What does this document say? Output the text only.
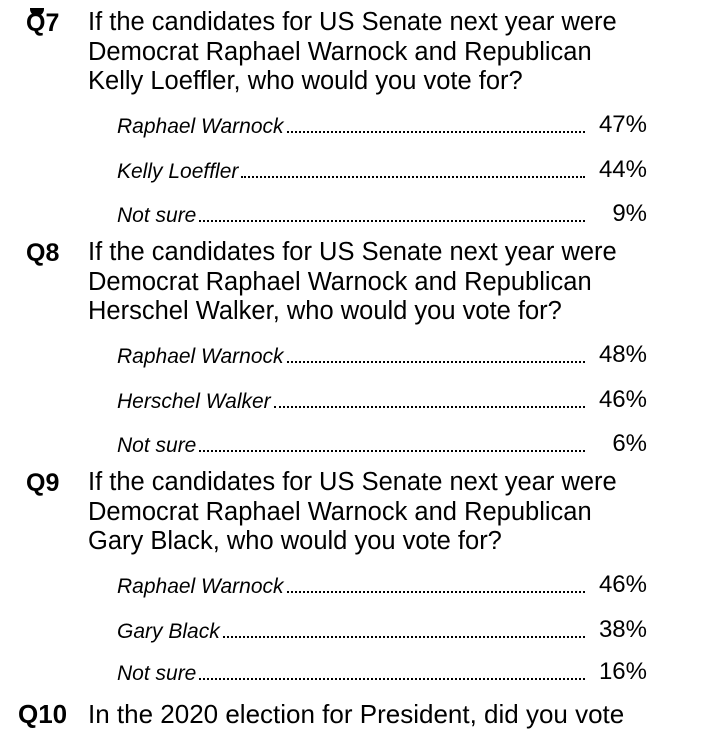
Q7 If the candidates for US Senate next year were
Democrat Raphael Warnock and Republican
Kelly Loeffler, who would you vote for?
Raphael Warnock	47%
Kelly Loeffler	44%
Not sure	9%
Q8 If the candidates for US Senate next year were
Democrat Raphael Warnock and Republican
Herschel Walker, who would you vote for?
Raphael Warnock	48%
Herschel Walker	46%
Not sure	6%
Q9 If the candidates for US Senate next year were
Democrat Raphael Warnock and Republican
Gary Black, who would you vote for?
Raphael Warnock	46%
Gary Black	38%
Not sure	16%
Q10 In the 2020 election for President, did you vote
